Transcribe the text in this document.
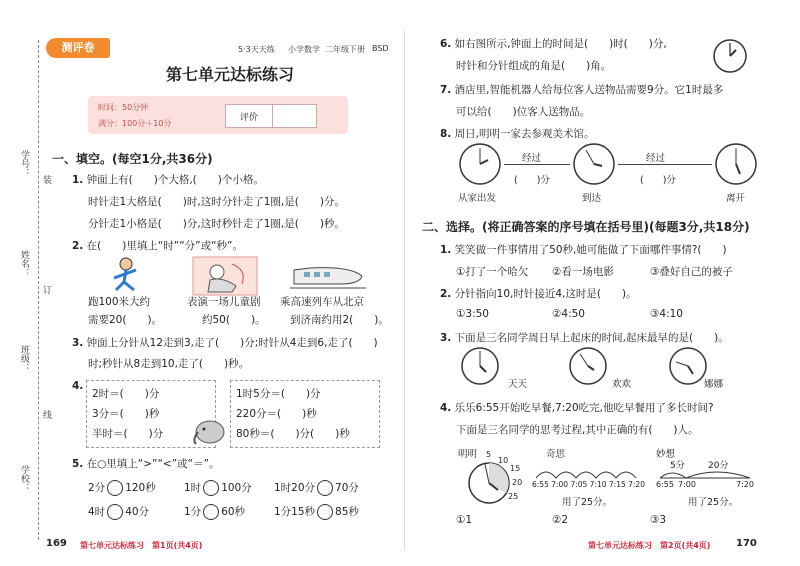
学号：
姓名：
班级：
学校：
装
订
线
测评卷	5·3天天练 小学数学 二年级下册 BSD
第七单元达标练习
时间：50分钟
满分：100分＋10分
评价
一、填空。(每空1分,共36分)
1. 钟面上有(　　)个大格,(　　)个小格。
时针走1大格是(　　)时,这时分针走了1圈,是(　　)分。
分针走1小格是(　　)分,这时秒针走了1圈,是(　　)秒。
2. 在(　　)里填上“时”“分”或“秒”。
跑100米大约
需要20(　　)。
表演一场儿童剧
约50(　　)。
乘高速列车从北京
到济南约用2(　　)。
3. 钟面上分针从12走到3,走了(　　)分;时针从4走到6,走了(　　)
时;秒针从8走到10,走了(　　)秒。
4.
2时＝(　　)分
3分＝(　　)秒
半时＝(　　)分
1时5分＝(　　)分
220分＝(　　)秒
80秒＝(　　)分(　　)秒
5. 在○里填上“>”“<”或“＝”。
2分 120秒	1时 100分 1时20分 70分
4时 40分	1分 60秒	1分15秒 85秒
6. 如右图所示,钟面上的时间是(　　)时(　　)分,
时针和分针组成的角是(　　)角。
7. 酒店里,智能机器人给每位客人送物品需要9分。它1时最多
可以给(　　)位客人送物品。
8. 周日,明明一家去参观美术馆。
经过	经过
(　　)分	(　　)分
从家出发	到达	离开
二、选择。(将正确答案的序号填在括号里)(每题3分,共18分)
1. 笑笑做一件事情用了50秒,她可能做了下面哪件事情?(　　)
①打了一个哈欠 ②看一场电影	③叠好自己的被子
2. 分针指向10,时针接近4,这时是(　　)。
①3:50	②4:50	③4:10
3. 下面是三名同学周日早上起床的时间,起床最早的是(　　)。
天天	欢欢	娜娜
4. 乐乐6:55开始吃早餐,7:20吃完,他吃早餐用了多长时间?
下面是三名同学的思考过程,其中正确的有(　　)人。
明明	奇思	妙想
5
10
15
20
25
6:55 7:00 7:05 7:10 7:15 7:20
用了25分。
5分	20分
6:55 7:00	7:20
用了25分。
①1	②2	③3
169 第七单元达标练习　第1页(共4页)	第七单元达标练习　第2页(共4页)	170
